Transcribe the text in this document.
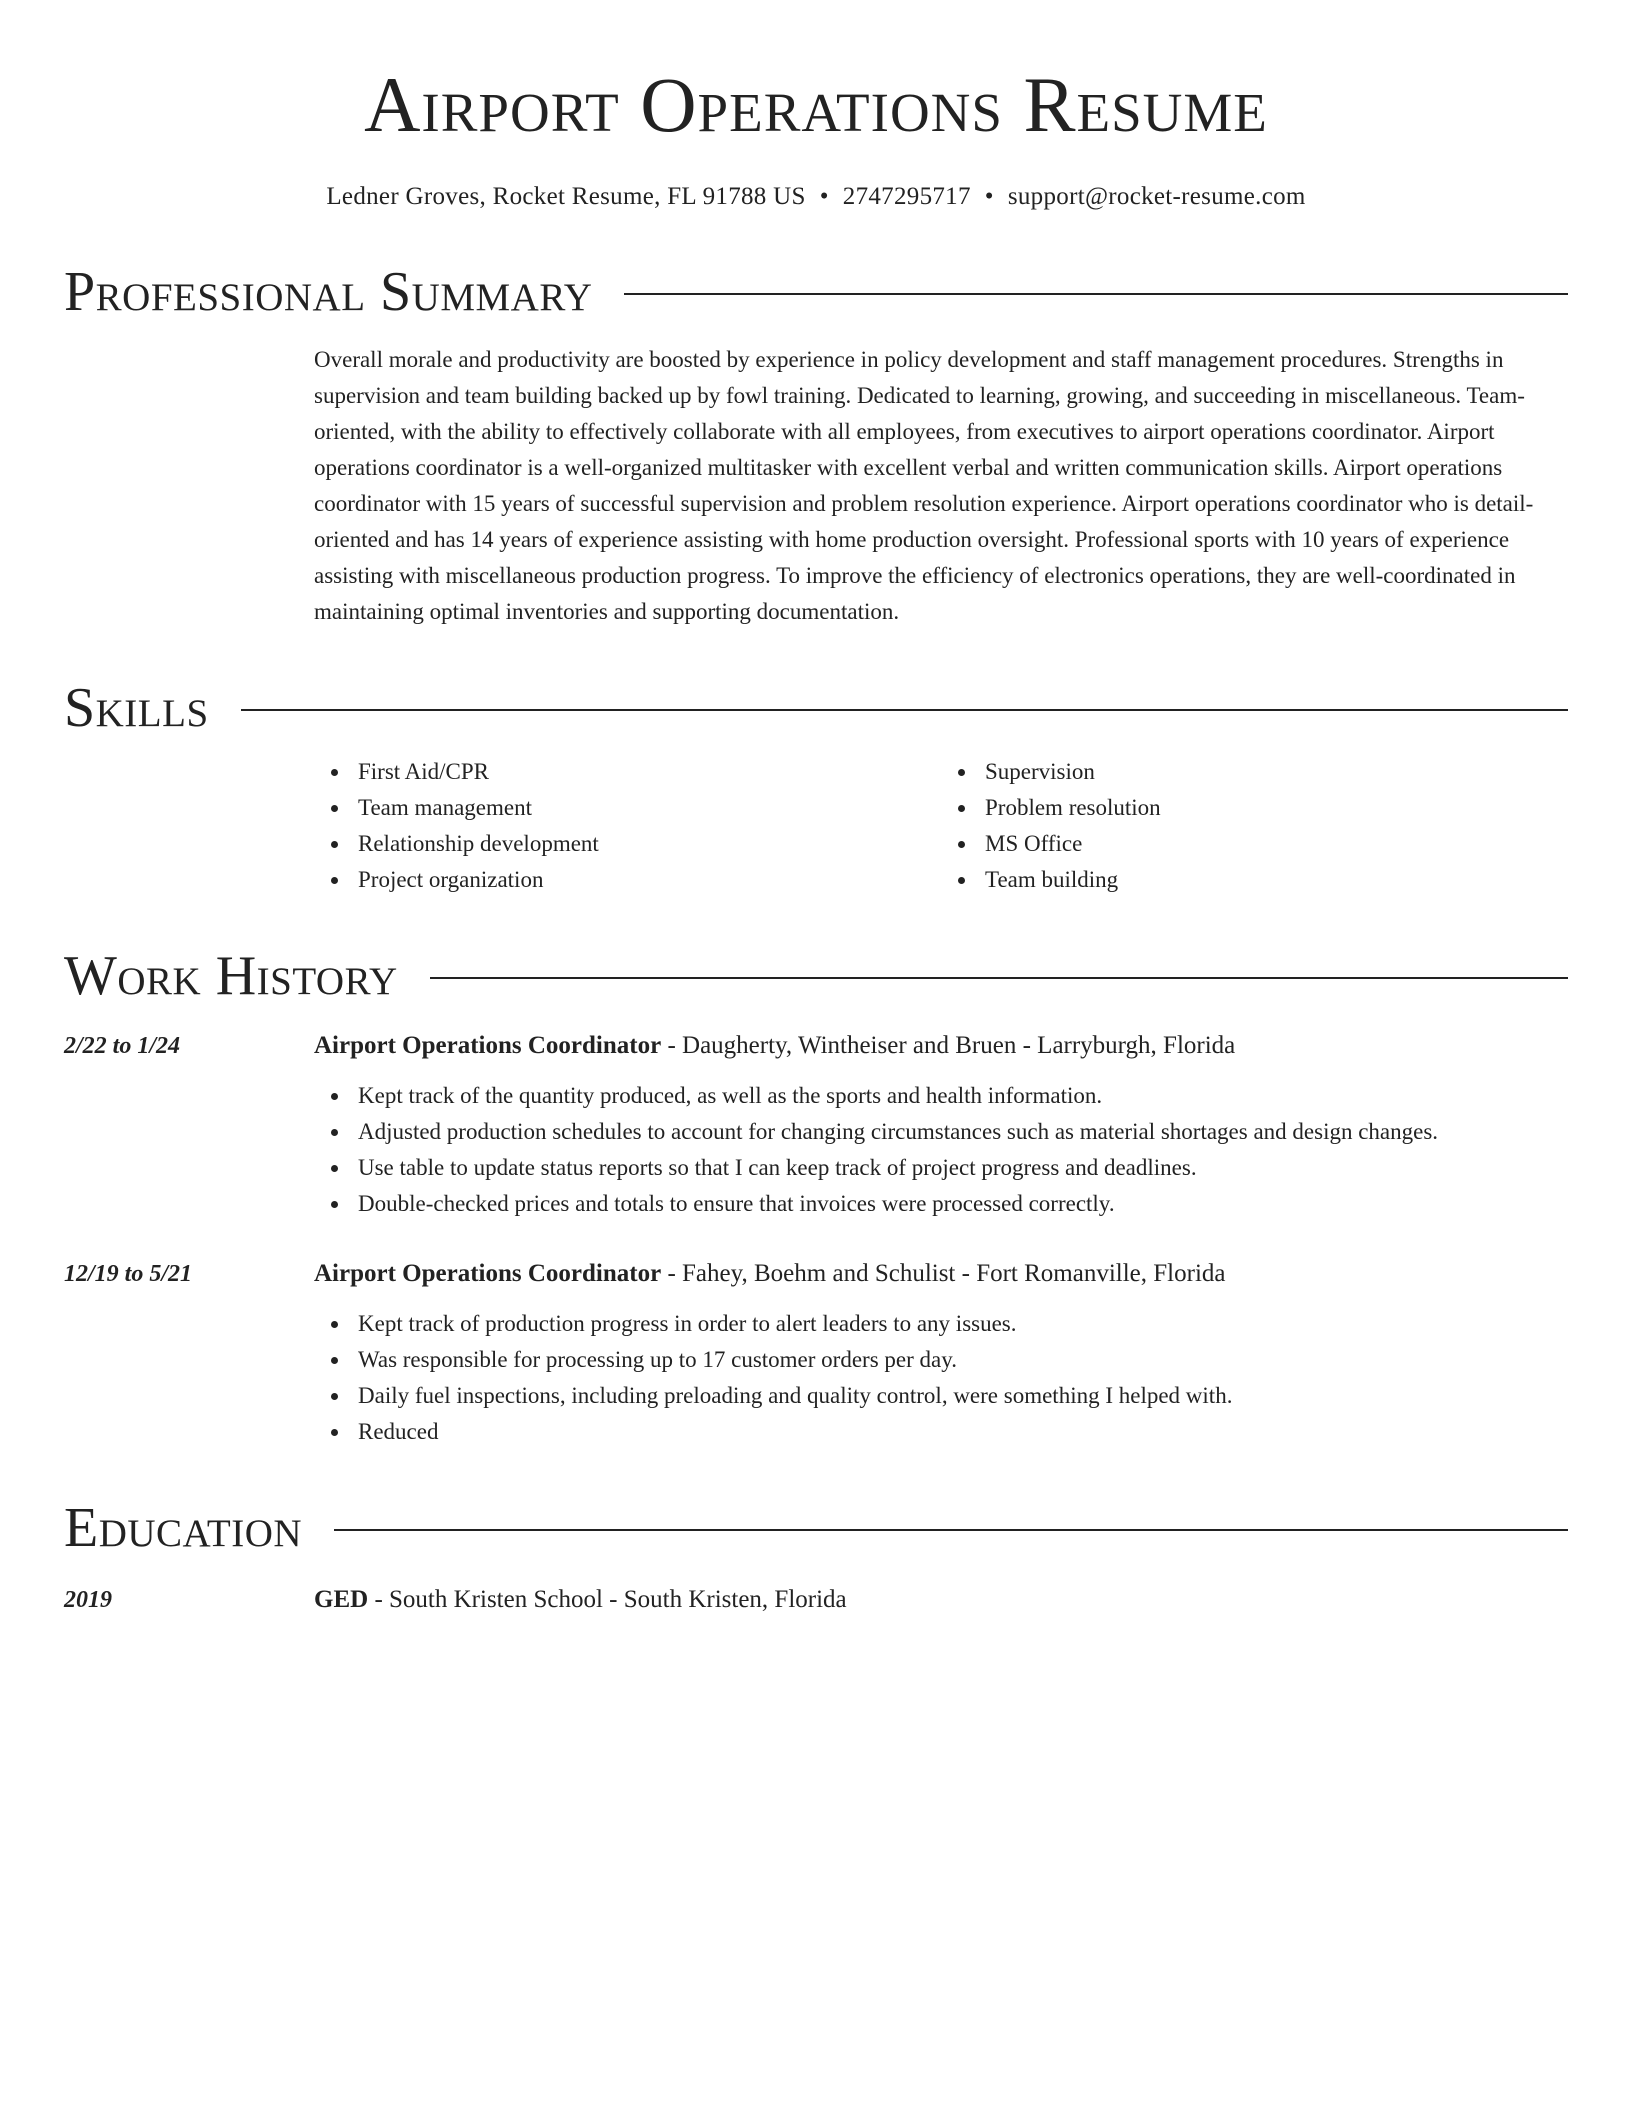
Airport Operations Resume
Ledner Groves, Rocket Resume, FL 91788 US • 2747295717 • support@rocket-resume.com
Professional Summary
Overall morale and productivity are boosted by experience in policy development and staff management procedures. Strengths in supervision and team building backed up by fowl training. Dedicated to learning, growing, and succeeding in miscellaneous. Team-oriented, with the ability to effectively collaborate with all employees, from executives to airport operations coordinator. Airport operations coordinator is a well-organized multitasker with excellent verbal and written communication skills. Airport operations coordinator with 15 years of successful supervision and problem resolution experience. Airport operations coordinator who is detail-oriented and has 14 years of experience assisting with home production oversight. Professional sports with 10 years of experience assisting with miscellaneous production progress. To improve the efficiency of electronics operations, they are well-coordinated in maintaining optimal inventories and supporting documentation.
Skills
First Aid/CPR
Team management
Relationship development
Project organization
Supervision
Problem resolution
MS Office
Team building
Work History
2/22 to 1/24	Airport Operations Coordinator - Daugherty, Wintheiser and Bruen - Larryburgh, Florida
Kept track of the quantity produced, as well as the sports and health information.
Adjusted production schedules to account for changing circumstances such as material shortages and design changes.
Use table to update status reports so that I can keep track of project progress and deadlines.
Double-checked prices and totals to ensure that invoices were processed correctly.
12/19 to 5/21	Airport Operations Coordinator - Fahey, Boehm and Schulist - Fort Romanville, Florida
Kept track of production progress in order to alert leaders to any issues.
Was responsible for processing up to 17 customer orders per day.
Daily fuel inspections, including preloading and quality control, were something I helped with.
Reduced
Education
2019	GED - South Kristen School - South Kristen, Florida
